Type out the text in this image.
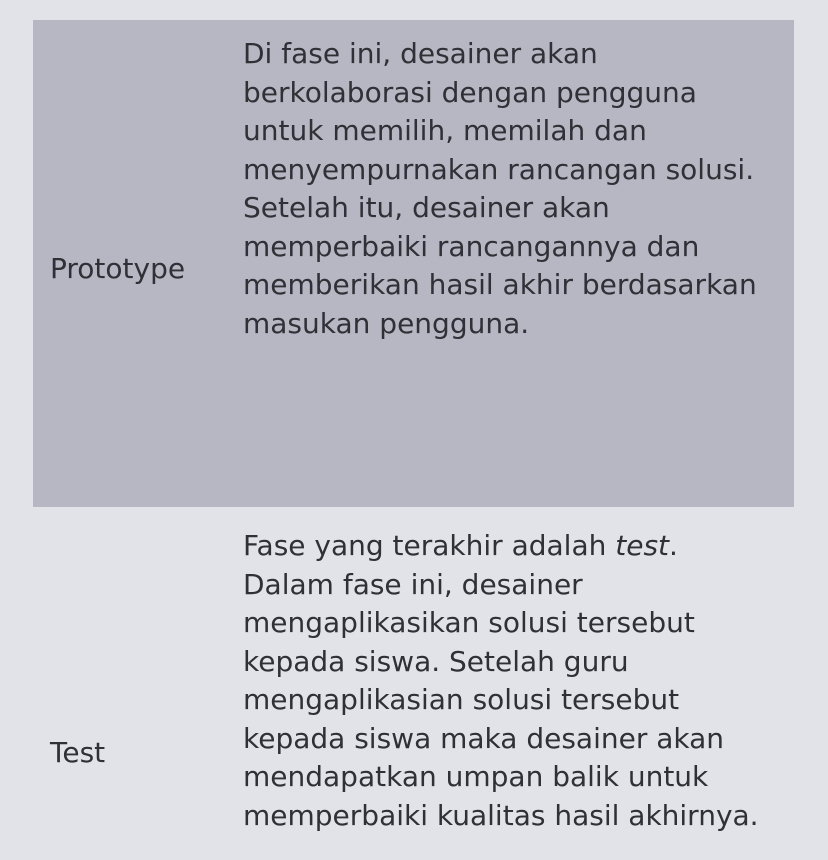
Prototype
Di fase ini, desainer akan
berkolaborasi dengan pengguna
untuk memilih, memilah dan
menyempurnakan rancangan solusi.
Setelah itu, desainer akan
memperbaiki rancangannya dan
memberikan hasil akhir berdasarkan
masukan pengguna.
Test
Fase yang terakhir adalah test.
Dalam fase ini, desainer
mengaplikasikan solusi tersebut
kepada siswa. Setelah guru
mengaplikasian solusi tersebut
kepada siswa maka desainer akan
mendapatkan umpan balik untuk
memperbaiki kualitas hasil akhirnya.
